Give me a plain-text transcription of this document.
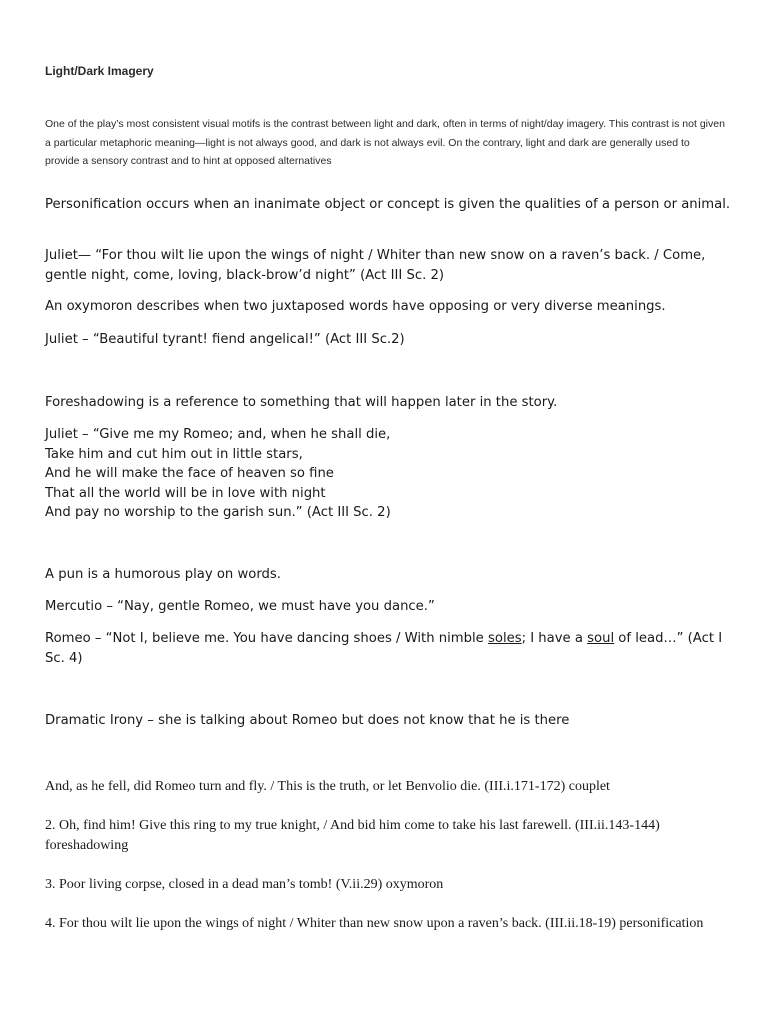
Light/Dark Imagery
One of the play’s most consistent visual motifs is the contrast between light and dark, often in terms of night/day imagery. This contrast is not given a particular metaphoric meaning—light is not always good, and dark is not always evil. On the contrary, light and dark are generally used to provide a sensory contrast and to hint at opposed alternatives
Personification occurs when an inanimate object or concept is given the qualities of a person or animal.
Juliet— “For thou wilt lie upon the wings of night / Whiter than new snow on a raven’s back. / Come, gentle night, come, loving, black-brow’d night” (Act III Sc. 2)
An oxymoron describes when two juxtaposed words have opposing or very diverse meanings.
Juliet – “Beautiful tyrant! fiend angelical!” (Act III Sc.2)
Foreshadowing is a reference to something that will happen later in the story.
Juliet – “Give me my Romeo; and, when he shall die,
Take him and cut him out in little stars,
And he will make the face of heaven so fine
That all the world will be in love with night
And pay no worship to the garish sun.” (Act III Sc. 2)
A pun is a humorous play on words.
Mercutio – “Nay, gentle Romeo, we must have you dance.”
Romeo – “Not I, believe me. You have dancing shoes / With nimble soles; I have a soul of lead…” (Act I Sc. 4)
Dramatic Irony – she is talking about Romeo but does not know that he is there
And, as he fell, did Romeo turn and fly. / This is the truth, or let Benvolio die. (III.i.171-172) couplet
2. Oh, find him! Give this ring to my true knight, / And bid him come to take his last farewell. (III.ii.143-144) foreshadowing
3. Poor living corpse, closed in a dead man’s tomb! (V.ii.29) oxymoron
4. For thou wilt lie upon the wings of night / Whiter than new snow upon a raven’s back. (III.ii.18-19) personification
